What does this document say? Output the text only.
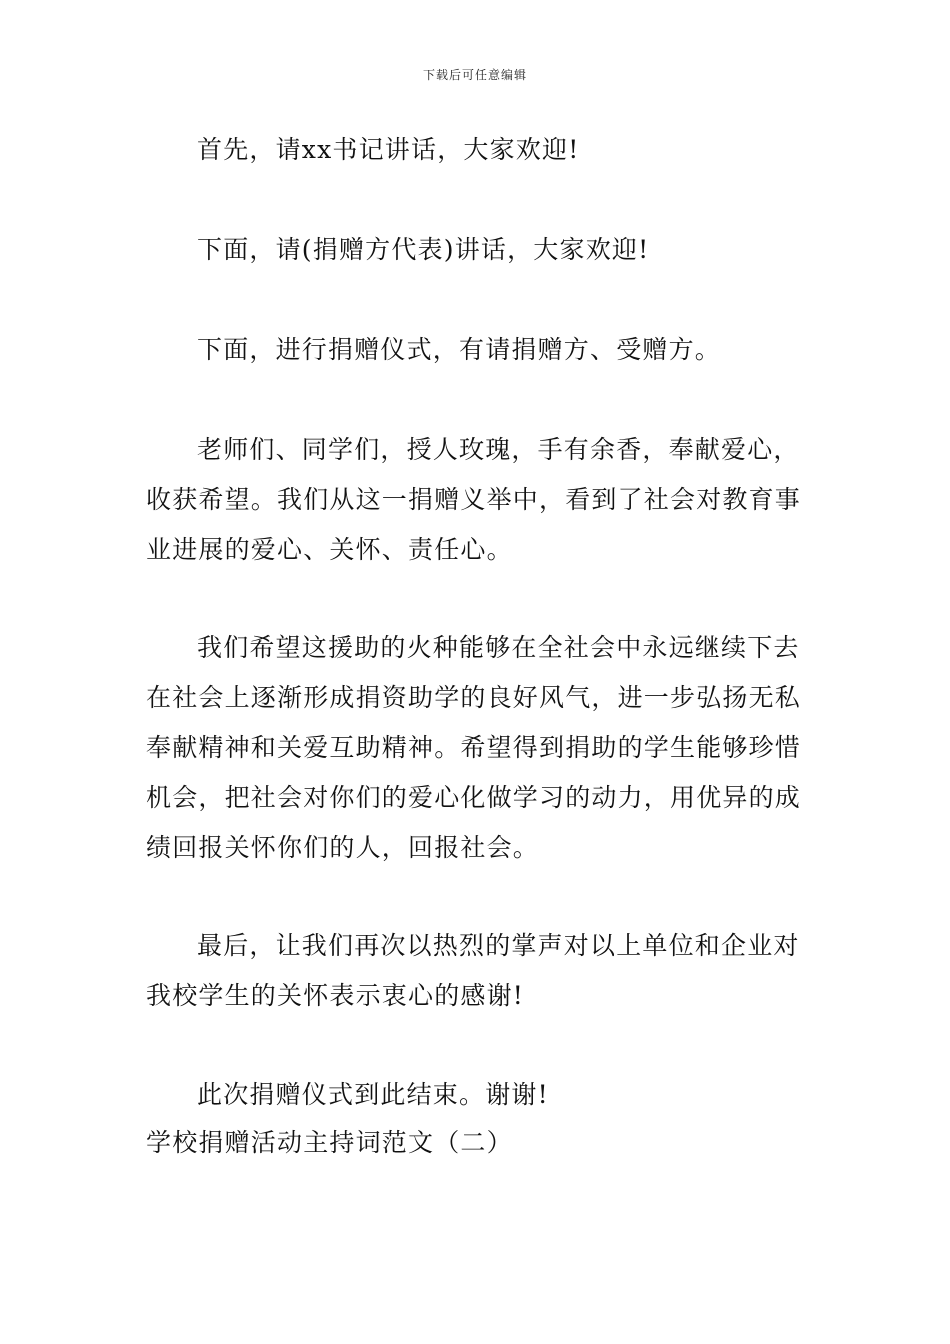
下载后可任意编辑
首先，请xx书记讲话，大家欢迎!
下面，请(捐赠方代表)讲话，大家欢迎!
下面，进行捐赠仪式，有请捐赠方、受赠方。
老师们、同学们，授人玫瑰，手有余香，奉献爱心，
收获希望。我们从这一捐赠义举中，看到了社会对教育事
业进展的爱心、关怀、责任心。
我们希望这援助的火种能够在全社会中永远继续下去
在社会上逐渐形成捐资助学的良好风气，进一步弘扬无私
奉献精神和关爱互助精神。希望得到捐助的学生能够珍惜
机会，把社会对你们的爱心化做学习的动力，用优异的成
绩回报关怀你们的人，回报社会。
最后，让我们再次以热烈的掌声对以上单位和企业对
我校学生的关怀表示衷心的感谢!
此次捐赠仪式到此结束。谢谢!
学校捐赠活动主持词范文（二）
